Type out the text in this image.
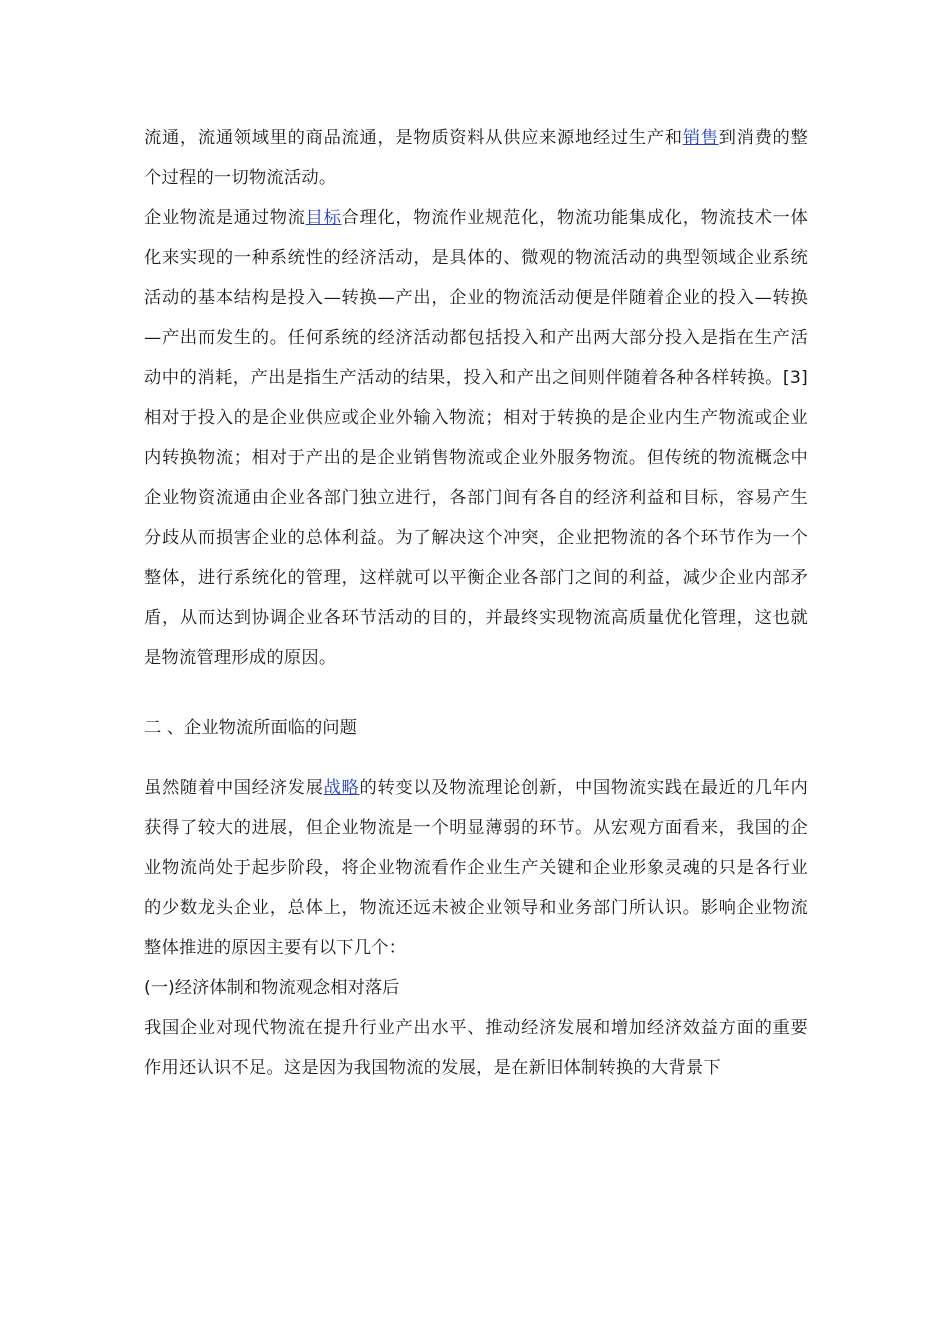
流通，流通领域里的商品流通，是物质资料从供应来源地经过生产和销售到消费的整个过程的一切物流活动。

企业物流是通过物流目标合理化，物流作业规范化，物流功能集成化，物流技术一体化来实现的一种系统性的经济活动，是具体的、微观的物流活动的典型领域企业系统活动的基本结构是投入—转换—产出，企业的物流活动便是伴随着企业的投入—转换—产出而发生的。任何系统的经济活动都包括投入和产出两大部分投入是指在生产活动中的消耗，产出是指生产活动的结果，投入和产出之间则伴随着各种各样转换。[3]相对于投入的是企业供应或企业外输入物流；相对于转换的是企业内生产物流或企业内转换物流；相对于产出的是企业销售物流或企业外服务物流。但传统的物流概念中企业物资流通由企业各部门独立进行，各部门间有各自的经济利益和目标，容易产生分歧从而损害企业的总体利益。为了解决这个冲突，企业把物流的各个环节作为一个整体，进行系统化的管理，这样就可以平衡企业各部门之间的利益，减少企业内部矛盾，从而达到协调企业各环节活动的目的，并最终实现物流高质量优化管理，这也就是物流管理形成的原因。

二 、企业物流所面临的问题

虽然随着中国经济发展战略的转变以及物流理论创新，中国物流实践在最近的几年内获得了较大的进展，但企业物流是一个明显薄弱的环节。从宏观方面看来，我国的企业物流尚处于起步阶段，将企业物流看作企业生产关键和企业形象灵魂的只是各行业的少数龙头企业，总体上，物流还远未被企业领导和业务部门所认识。影响企业物流整体推进的原因主要有以下几个：

(一)经济体制和物流观念相对落后

我国企业对现代物流在提升行业产出水平、推动经济发展和增加经济效益方面的重要作用还认识不足。这是因为我国物流的发展，是在新旧体制转换的大背景下
